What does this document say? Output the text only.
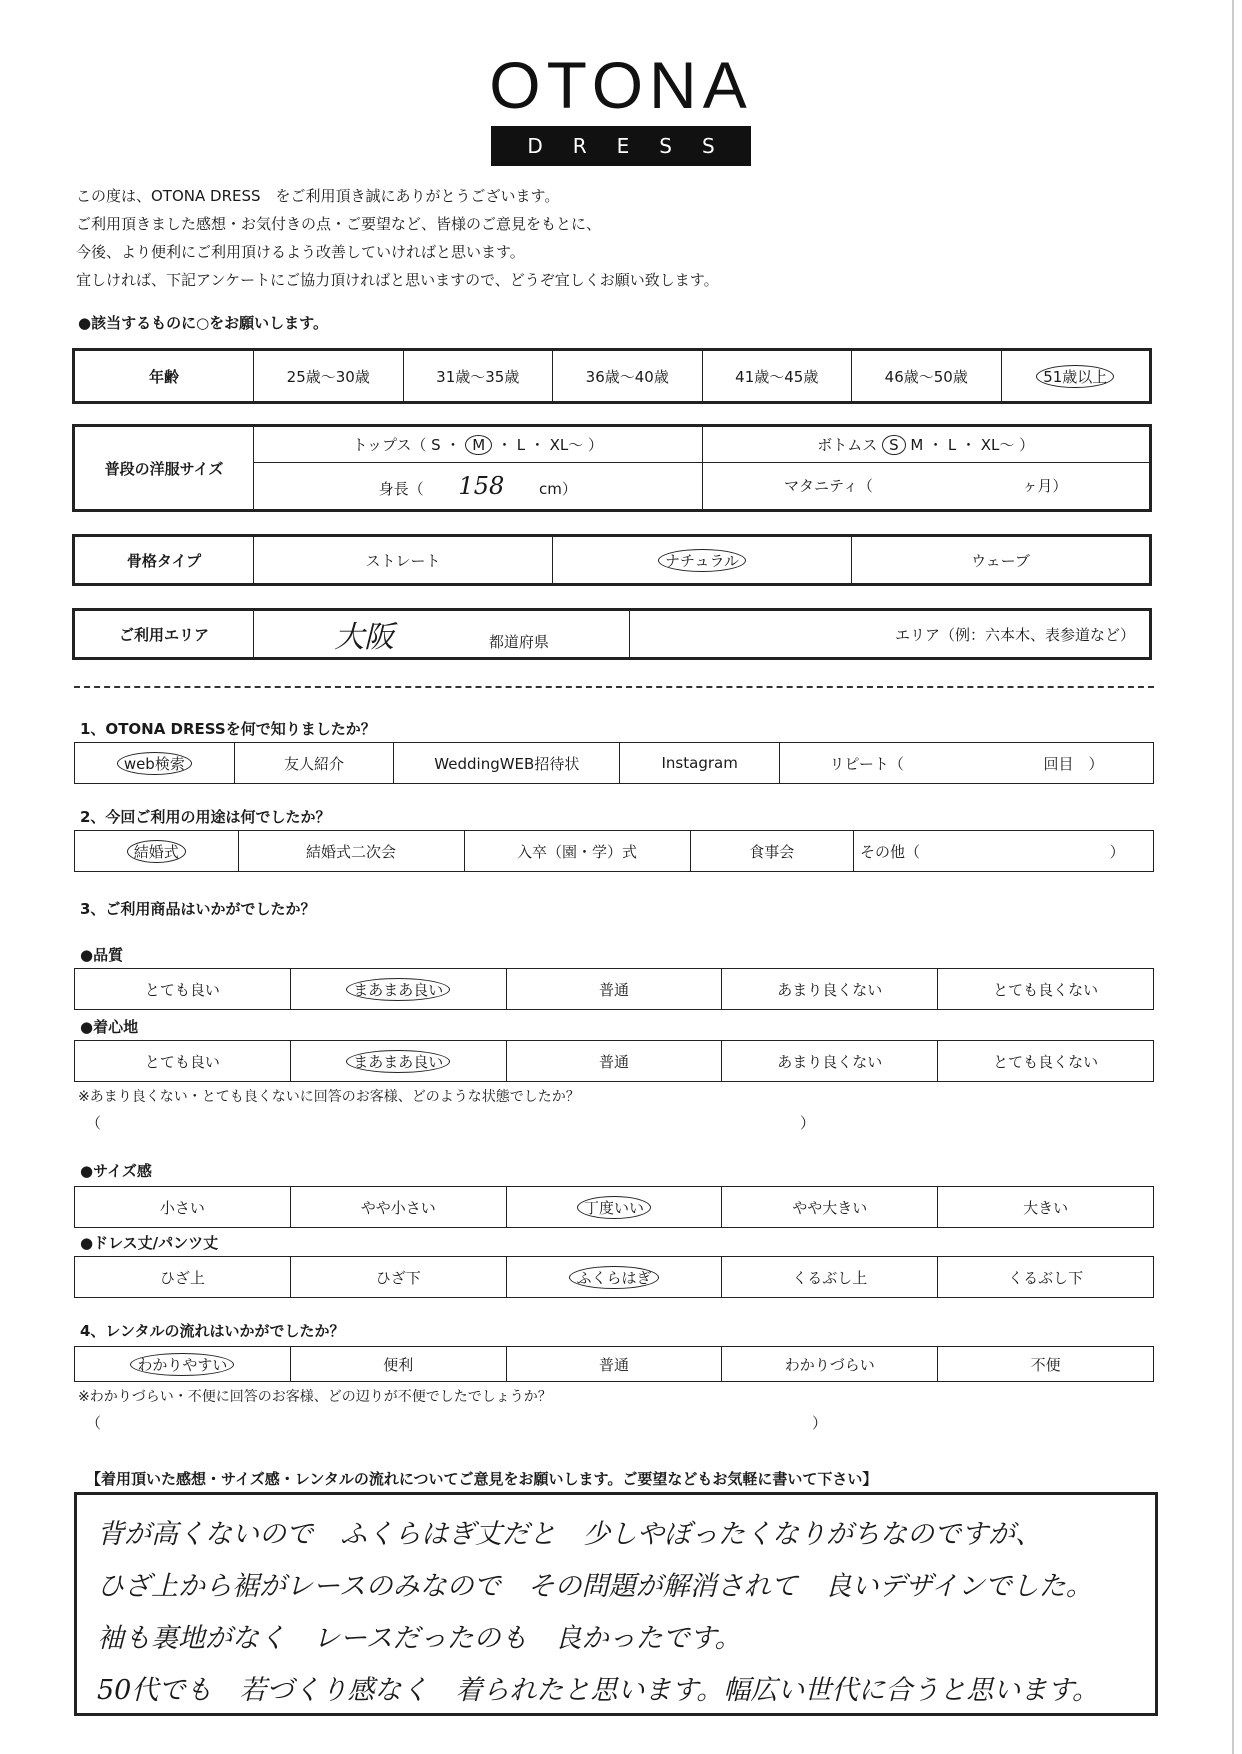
OTONA
DRESS
この度は、OTONA DRESS　をご利用頂き誠にありがとうございます。
ご利用頂きました感想・お気付きの点・ご要望など、皆様のご意見をもとに、
今後、より便利にご利用頂けるよう改善していければと思います。
宜しければ、下記アンケートにご協力頂ければと思いますので、どうぞ宜しくお願い致します。
●該当するものに○をお願いします。
年齢	25歳〜30歳	31歳〜35歳	36歳〜40歳	41歳〜45歳	46歳〜50歳	51歳以上
普段の洋服サイズ	トップス（ S ・ M ・ L ・ XL〜 ）	ボトムス S M ・ L ・ XL〜 ）
	身長（ 158 cm）	マタニティ（ ヶ月）
骨格タイプ	ストレート	ナチュラル	ウェーブ
ご利用エリア	大阪	都道府県	エリア（例：六本木、表参道など）
1、OTONA DRESSを何で知りましたか？
web検索	友人紹介	WeddingWEB招待状	Instagram	リピート（	回目　）
2、今回ご利用の用途は何でしたか？
結婚式	結婚式二次会	入卒（園・学）式	食事会	その他（	）
3、ご利用商品はいかがでしたか？
●品質
とても良い	まあまあ良い	普通	あまり良くない	とても良くない
●着心地
とても良い	まあまあ良い	普通	あまり良くない	とても良くない
※あまり良くない・とても良くないに回答のお客様、どのような状態でしたか？
（	）
●サイズ感
小さい	やや小さい	丁度いい	やや大きい	大きい
●ドレス丈/パンツ丈
ひざ上	ひざ下	ふくらはぎ	くるぶし上	くるぶし下
4、レンタルの流れはいかがでしたか？
わかりやすい	便利	普通	わかりづらい	不便
※わかりづらい・不便に回答のお客様、どの辺りが不便でしたでしょうか？
（	）
【着用頂いた感想・サイズ感・レンタルの流れについてご意見をお願いします。ご要望などもお気軽に書いて下さい】
背が高くないので　ふくらはぎ丈だと　少しやぼったくなりがちなのですが、
ひざ上から裾がレースのみなので　その問題が解消されて　良いデザインでした。
袖も裏地がなく　レースだったのも　良かったです。
50代でも　若づくり感なく　着られたと思います。幅広い世代に合うと思います。
